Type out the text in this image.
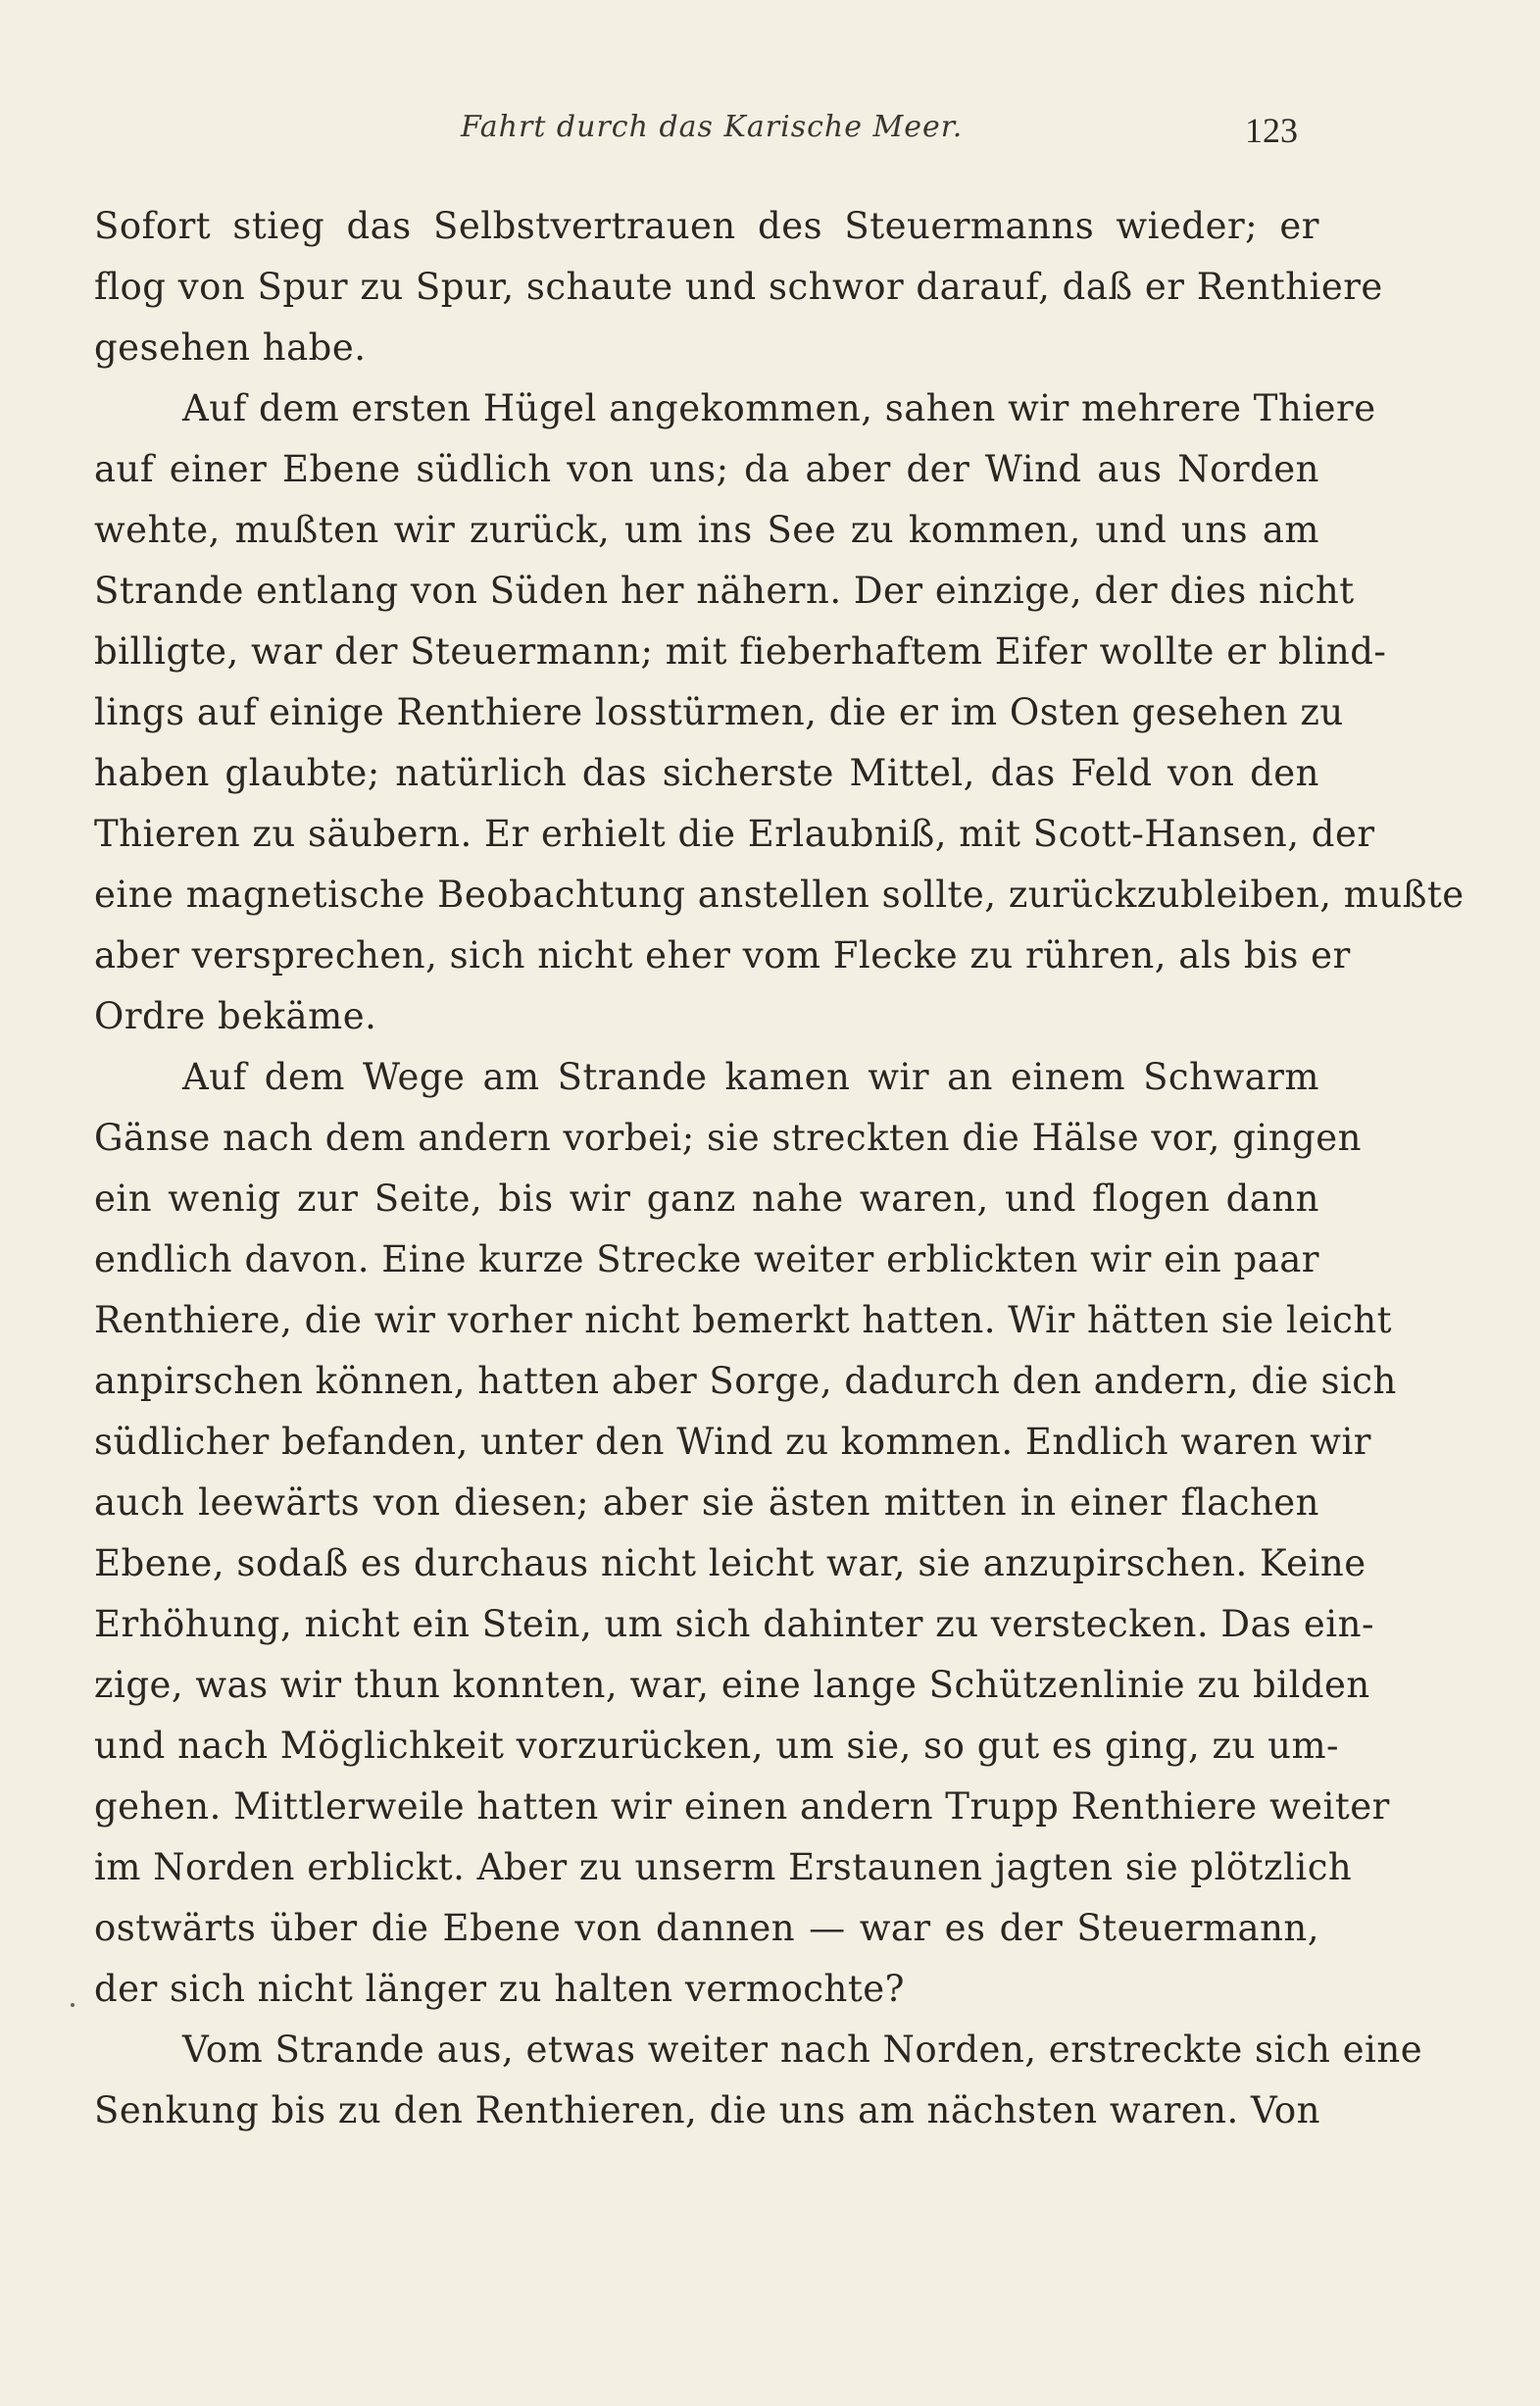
Fahrt durch das Karische Meer.	123
Sofort stieg das Selbstvertrauen des Steuermanns wieder; er
flog von Spur zu Spur, schaute und schwor darauf, daß er Renthiere
gesehen habe.
Auf dem ersten Hügel angekommen, sahen wir mehrere Thiere
auf einer Ebene südlich von uns; da aber der Wind aus Norden
wehte, mußten wir zurück, um ins See zu kommen, und uns am
Strande entlang von Süden her nähern. Der einzige, der dies nicht
billigte, war der Steuermann; mit fieberhaftem Eifer wollte er blind-
lings auf einige Renthiere losstürmen, die er im Osten gesehen zu
haben glaubte; natürlich das sicherste Mittel, das Feld von den
Thieren zu säubern. Er erhielt die Erlaubniß, mit Scott-Hansen, der
eine magnetische Beobachtung anstellen sollte, zurückzubleiben, mußte
aber versprechen, sich nicht eher vom Flecke zu rühren, als bis er
Ordre bekäme.
Auf dem Wege am Strande kamen wir an einem Schwarm
Gänse nach dem andern vorbei; sie streckten die Hälse vor, gingen
ein wenig zur Seite, bis wir ganz nahe waren, und flogen dann
endlich davon. Eine kurze Strecke weiter erblickten wir ein paar
Renthiere, die wir vorher nicht bemerkt hatten. Wir hätten sie leicht
anpirschen können, hatten aber Sorge, dadurch den andern, die sich
südlicher befanden, unter den Wind zu kommen. Endlich waren wir
auch leewärts von diesen; aber sie ästen mitten in einer flachen
Ebene, sodaß es durchaus nicht leicht war, sie anzupirschen. Keine
Erhöhung, nicht ein Stein, um sich dahinter zu verstecken. Das ein-
zige, was wir thun konnten, war, eine lange Schützenlinie zu bilden
und nach Möglichkeit vorzurücken, um sie, so gut es ging, zu um-
gehen. Mittlerweile hatten wir einen andern Trupp Renthiere weiter
im Norden erblickt. Aber zu unserm Erstaunen jagten sie plötzlich
ostwärts über die Ebene von dannen — war es der Steuermann,
der sich nicht länger zu halten vermochte?
Vom Strande aus, etwas weiter nach Norden, erstreckte sich eine
Senkung bis zu den Renthieren, die uns am nächsten waren. Von
